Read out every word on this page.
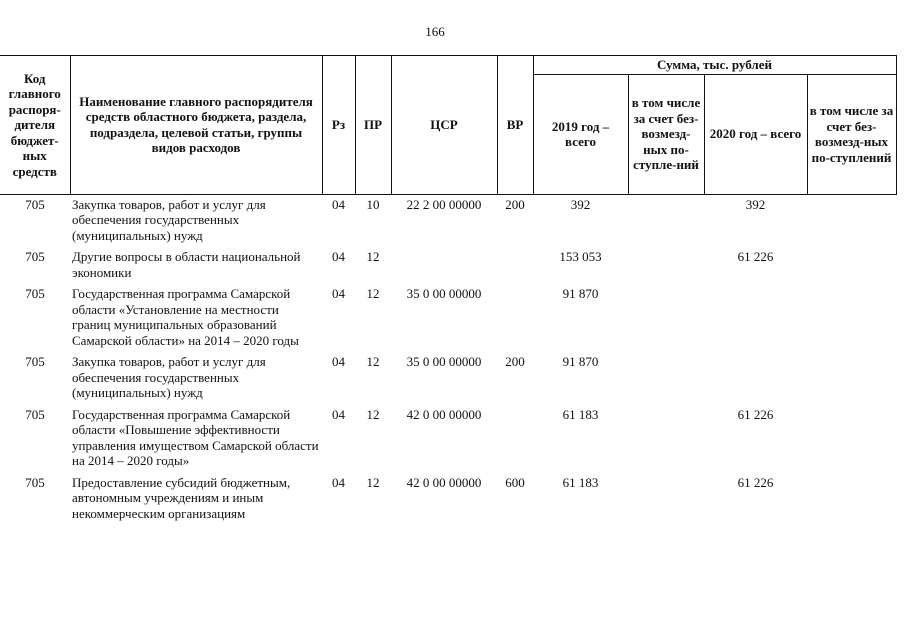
166
Код главного распоря-дителя бюджет-ных средств	Наименование главного распорядителя средств областного бюджета, раздела, подраздела, целевой статьи, группы видов расходов	Рз	ПР	ЦСР	ВР	Сумма, тыс. рублей			
						2019 год – всего	в том числе за счет без-возмезд-ных по-ступле-ний	2020 год – всего	в том числе за счет без-возмезд-ных по-ступлений
705	Закупка товаров, работ и услуг для обеспечения государственных (муниципальных) нужд	04	10	22 2 00 00000	200	392		392	
705	Другие вопросы в области национальной экономики	04	12			153 053		61 226	
705	Государственная программа Самарской области «Установление на местности границ муниципальных образований Самарской области» на 2014 – 2020 годы	04	12	35 0 00 00000		91 870			
705	Закупка товаров, работ и услуг для обеспечения государственных (муниципальных) нужд	04	12	35 0 00 00000	200	91 870			
705	Государственная программа Самарской области «Повышение эффективности управления имуществом Самарской области на 2014 – 2020 годы»	04	12	42 0 00 00000		61 183		61 226	
705	Предоставление субсидий бюджетным, автономным учреждениям и иным некоммерческим организациям	04	12	42 0 00 00000	600	61 183		61 226	
